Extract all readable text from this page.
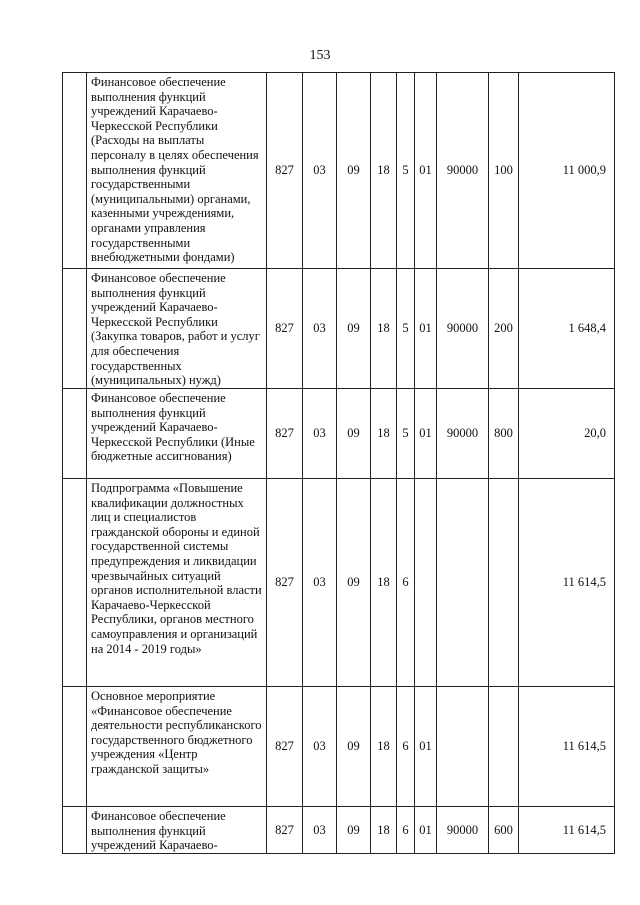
153
	Финансовое обеспечение выполнения функций учреждений Карачаево-Черкесской Республики (Расходы на выплаты персоналу в целях обеспечения выполнения функций государственными (муниципальными) органами, казенными учреждениями, органами управления государственными внебюджетными фондами)	827	03	09	18	5	01	90000	100	11 000,9
	Финансовое обеспечение выполнения функций учреждений Карачаево-Черкесской Республики (Закупка товаров, работ и услуг для обеспечения государственных (муниципальных) нужд)	827	03	09	18	5	01	90000	200	1 648,4
	Финансовое обеспечение выполнения функций учреждений Карачаево-Черкесской Республики (Иные бюджетные ассигнования)	827	03	09	18	5	01	90000	800	20,0
	Подпрограмма «Повышение квалификации должностных лиц и специалистов гражданской обороны и единой государственной системы предупреждения и ликвидации чрезвычайных ситуаций органов исполнительной власти Карачаево-Черкесской Республики, органов местного самоуправления и организаций на 2014 - 2019 годы»	827	03	09	18	6				11 614,5
	Основное мероприятие «Финансовое обеспечение деятельности республиканского государственного бюджетного учреждения «Центр гражданской защиты»	827	03	09	18	6	01			11 614,5
	Финансовое обеспечение выполнения функций учреждений Карачаево-	827	03	09	18	6	01	90000	600	11 614,5
